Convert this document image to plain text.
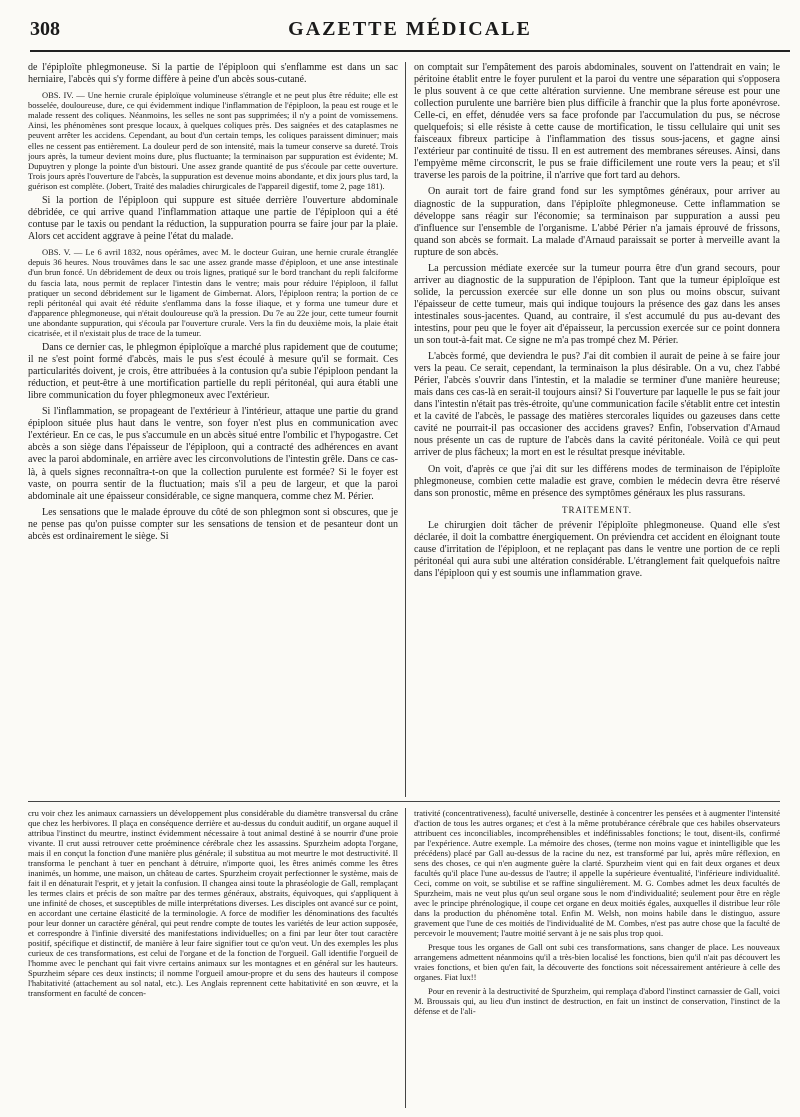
308	GAZETTE MÉDICALE

de l'épiploïte phlegmoneuse. Si la partie de l'épiploon qui s'enflamme est dans un sac herniaire, l'abcès qui s'y forme diffère à peine d'un abcès sous-cutané.

OBS. IV. — Une hernie crurale épiploïque volumineuse s'étrangle et ne peut plus être réduite; elle est bosselée, douloureuse, dure, ce qui évidemment indique l'inflammation de l'épiploon, la peau est rouge et le malade ressent des coliques. Néanmoins, les selles ne sont pas supprimées; il n'y a point de vomissemens. Ainsi, les phénomènes sont presque locaux, à quelques coliques près. Des saignées et des cataplasmes ne peuvent arrêter les accidens. Cependant, au bout d'un certain temps, les coliques paraissent diminuer; mais elles ne cessent pas entièrement. La douleur perd de son intensité, mais la tumeur conserve sa dureté. Trois jours après, la tumeur devient moins dure, plus fluctuante; la terminaison par suppuration est évidente; M. Dupuytren y plonge la pointe d'un bistouri. Une assez grande quantité de pus s'écoule par cette ouverture. Trois jours après l'ouverture de l'abcès, la suppuration est devenue moins abondante, et dix jours plus tard, la guérison est complète. (Jobert, Traité des maladies chirurgicales de l'appareil digestif, tome 2, page 181).

Si la portion de l'épiploon qui suppure est située derrière l'ouverture abdominale débridée, ce qui arrive quand l'inflammation attaque une partie de l'épiploon qui a été contuse par le taxis ou pendant la réduction, la suppuration pourra se faire jour par la plaie. Alors cet accident aggrave à peine l'état du malade.

OBS. V. — Le 6 avril 1832, nous opérâmes, avec M. le docteur Guiran, une hernie crurale étranglée depuis 36 heures. Nous trouvâmes dans le sac une assez grande masse d'épiploon, et une anse intestinale d'un brun foncé. Un débridement de deux ou trois lignes, pratiqué sur le bord tranchant du repli falciforme du fascia lata, nous permit de replacer l'intestin dans le ventre; mais pour réduire l'épiploon, il fallut pratiquer un second débridement sur le ligament de Gimbernat. Alors, l'épiploon rentra; la portion de ce repli péritonéal qui avait été réduite s'enflamma dans la fosse iliaque, et y forma une tumeur dure et d'apparence phlegmoneuse, qui n'était douloureuse qu'à la pression. Du 7e au 22e jour, cette tumeur fournit une abondante suppuration, qui s'écoula par l'ouverture crurale. Vers la fin du deuxième mois, la plaie était cicatrisée, et il n'existait plus de trace de la tumeur.

Dans ce dernier cas, le phlegmon épiploïque a marché plus rapidement que de coutume; il ne s'est point formé d'abcès, mais le pus s'est écoulé à mesure qu'il se formait. Ces particularités doivent, je crois, être attribuées à la contusion qu'a subie l'épiploon pendant la réduction, et peut-être à une mortification partielle du repli péritonéal, qui aura établi une libre communication du foyer phlegmoneux avec l'extérieur.

Si l'inflammation, se propageant de l'extérieur à l'intérieur, attaque une partie du grand épiploon située plus haut dans le ventre, son foyer n'est plus en communication avec l'extérieur. En ce cas, le pus s'accumule en un abcès situé entre l'ombilic et l'hypogastre. Cet abcès a son siège dans l'épaisseur de l'épiploon, qui a contracté des adhérences en avant avec la paroi abdominale, en arrière avec les circonvolutions de l'intestin grêle. Dans ce cas-là, à quels signes reconnaîtra-t-on que la collection purulente est formée? Si le foyer est vaste, on pourra sentir de la fluctuation; mais s'il a peu de largeur, et que la paroi abdominale ait une épaisseur considérable, ce signe manquera, comme chez M. Périer.

Les sensations que le malade éprouve du côté de son phlegmon sont si obscures, que je ne pense pas qu'on puisse compter sur les sensations de tension et de pesanteur dont un abcès est ordinairement le siège. Si

on comptait sur l'empâtement des parois abdominales, souvent on l'attendrait en vain; le péritoine établit entre le foyer purulent et la paroi du ventre une séparation qui s'opposera le plus souvent à ce que cette altération survienne. Une membrane séreuse est pour une collection purulente une barrière bien plus difficile à franchir que la plus forte aponévrose. Celle-ci, en effet, dénudée vers sa face profonde par l'accumulation du pus, se nécrose quelquefois; si elle résiste à cette cause de mortification, le tissu cellulaire qui unit ses faisceaux fibreux participe à l'inflammation des tissus sous-jacens, et gagne ainsi l'extérieur par continuité de tissu. Il en est autrement des membranes séreuses. Ainsi, dans l'empyème même circonscrit, le pus se fraie difficilement une route vers la peau; et s'il traverse les parois de la poitrine, il n'arrive que fort tard au dehors.

On aurait tort de faire grand fond sur les symptômes généraux, pour arriver au diagnostic de la suppuration, dans l'épiploïte phlegmoneuse. Cette inflammation se développe sans réagir sur l'économie; sa terminaison par suppuration a aussi peu d'influence sur l'ensemble de l'organisme. L'abbé Périer n'a jamais éprouvé de frissons, quand son abcès se formait. La malade d'Arnaud paraissait se porter à merveille avant la rupture de son abcès.

La percussion médiate exercée sur la tumeur pourra être d'un grand secours, pour arriver au diagnostic de la suppuration de l'épiploon. Tant que la tumeur épiploïque est solide, la percussion exercée sur elle donne un son plus ou moins obscur, suivant l'épaisseur de cette tumeur, mais qui indique toujours la présence des gaz dans les anses intestinales sous-jacentes. Quand, au contraire, il s'est accumulé du pus au-devant des intestins, pour peu que le foyer ait d'épaisseur, la percussion exercée sur ce point donnera un son tout-à-fait mat. Ce signe ne m'a pas trompé chez M. Périer.

L'abcès formé, que deviendra le pus? J'ai dit combien il aurait de peine à se faire jour vers la peau. Ce serait, cependant, la terminaison la plus désirable. On a vu, chez l'abbé Périer, l'abcès s'ouvrir dans l'intestin, et la maladie se terminer d'une manière heureuse; mais dans ces cas-là en serait-il toujours ainsi? Si l'ouverture par laquelle le pus se fait jour dans l'intestin n'était pas très-étroite, qu'une communication facile s'établit entre cet intestin et la cavité de l'abcès, le passage des matières stercorales liquides ou gazeuses dans cette cavité ne pourrait-il pas occasioner des accidens graves? Enfin, l'observation d'Arnaud nous présente un cas de rupture de l'abcès dans la cavité péritonéale. Voilà ce qui peut arriver de plus fâcheux; la mort en est le résultat presque inévitable.

On voit, d'après ce que j'ai dit sur les différens modes de terminaison de l'épiploïte phlegmoneuse, combien cette maladie est grave, combien le médecin devra être réservé dans son pronostic, même en présence des symptômes généraux les plus rassurans.

TRAITEMENT.

Le chirurgien doit tâcher de prévenir l'épiploïte phlegmoneuse. Quand elle s'est déclarée, il doit la combattre énergiquement. On préviendra cet accident en éloignant toute cause d'irritation de l'épiploon, et ne replaçant pas dans le ventre une portion de ce repli péritonéal qui aura subi une altération considérable. L'étranglement fait quelquefois naître dans l'épiploon qui y est soumis une inflammation grave.

cru voir chez les animaux carnassiers un développement plus considérable du diamètre transversal du crâne que chez les herbivores. Il plaça en conséquence derrière et au-dessus du conduit auditif, un organe auquel il attribua l'instinct du meurtre, instinct évidemment nécessaire à tout animal destiné à se nourrir d'une proie vivante. Il crut aussi retrouver cette proéminence cérébrale chez les assassins. Spurzheim adopta l'organe, mais il en conçut la fonction d'une manière plus générale; il substitua au mot meurtre le mot destructivité. Il transforma le penchant à tuer en penchant à détruire, n'importe quoi, les êtres animés comme les êtres inanimés, un homme, une maison, un château de cartes. Spurzheim croyait perfectionner le système, mais de fait il en dénaturait l'esprit, et y jetait la confusion. Il changea ainsi toute la phraséologie de Gall, remplaçant les termes clairs et précis de son maître par des termes généraux, abstraits, équivoques, qui s'appliquent à une infinité de choses, et susceptibles de mille interprétations diverses. Les disciples ont avancé sur ce point, en accordant une certaine élasticité de la terminologie. A force de modifier les dénominations des facultés pour leur donner un caractère général, qui peut rendre compte de toutes les variétés de leur action supposée, et correspondre à l'infinie diversité des manifestations individuelles; on a fini par leur ôter tout caractère positif, spécifique et distinctif, de manière à leur faire signifier tout ce qu'on veut. Un des exemples les plus curieux de ces transformations, est celui de l'organe et de la fonction de l'orgueil. Gall identifie l'orgueil de l'homme avec le penchant qui fait vivre certains animaux sur les montagnes et en général sur les hauteurs. Spurzheim sépare ces deux instincts; il nomme l'orgueil amour-propre et du sens des hauteurs il compose l'habitativité (attachement au sol natal, etc.). Les Anglais reprennent cette habitativité en son œuvre, et la transforment en faculté de concen-

trativité (concentrativeness), faculté universelle, destinée à concentrer les pensées et à augmenter l'intensité d'action de tous les autres organes; et c'est à la même protubérance cérébrale que ces habiles observateurs attribuent ces inconciliables, incompréhensibles et indéfinissables fonctions; le tout, disent-ils, confirmé par l'expérience. Autre exemple. La mémoire des choses, (terme non moins vague et inintelligible que les précédens) placé par Gall au-dessus de la racine du nez, est transformé par lui, après mûre réflexion, en sens des choses, ce qui n'en augmente guère la clarté. Spurzheim vient qui en fait deux organes et deux facultés qu'il place l'une au-dessus de l'autre; il appelle la supérieure éventualité, l'inférieure individualité. Ceci, comme on voit, se subtilise et se raffine singulièrement. M. G. Combes admet les deux facultés de Spurzheim, mais ne veut plus qu'un seul organe sous le nom d'individualité; seulement pour être en règle avec le principe phrénologique, il coupe cet organe en deux moitiés égales, auxquelles il distribue leur rôle dans la production du phénomène total. Enfin M. Welsh, non moins habile dans le distinguo, assure gravement que l'une de ces moitiés de l'individualité de M. Combes, n'est pas autre chose que la faculté de percevoir le mouvement; l'autre moitié servant à je ne sais plus trop quoi.

Presque tous les organes de Gall ont subi ces transformations, sans changer de place. Les nouveaux arrangemens admettent néanmoins qu'il a très-bien localisé les fonctions, bien qu'il n'ait pas découvert les vraies fonctions, et bien qu'en fait, la découverte des fonctions soit nécessairement antérieure à celle des organes. Fiat lux!!

Pour en revenir à la destructivité de Spurzheim, qui remplaça d'abord l'instinct carnassier de Gall, voici M. Broussais qui, au lieu d'un instinct de destruction, en fait un instinct de conservation, l'instinct de la défense et de l'ali-
